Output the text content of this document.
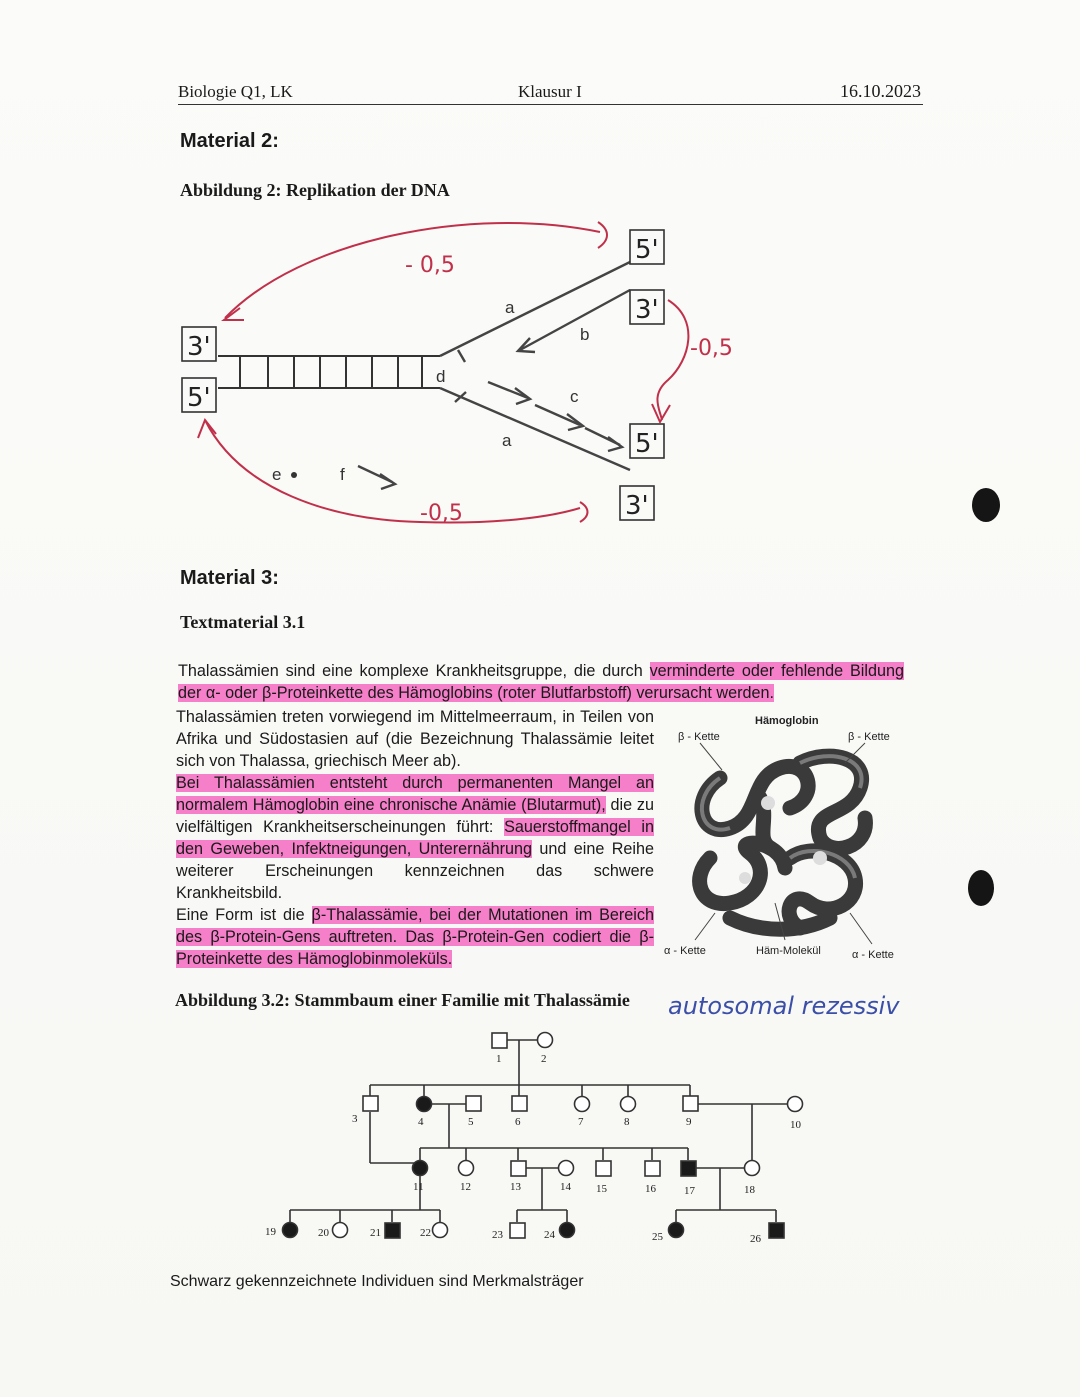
Biologie Q1, LK	Klausur I	16.10.2023
Material 2:
Abbildung 2: Replikation der DNA
5'
3'
3'
5'
5'
3'
a
b
c
d
a
e	f
- 0,5
-0,5
-0,5
Material 3:
Textmaterial 3.1
Thalassämien sind eine komplexe Krankheitsgruppe, die durch verminderte oder fehlende Bildung der α- oder β-Proteinkette des Hämoglobins (roter Blutfarbstoff) verursacht werden.
Thalassämien treten vorwiegend im Mittelmeerraum, in Teilen von Afrika und Südostasien auf (die Bezeichnung Thalassämie leitet sich von Thalassa, griechisch Meer ab).
Bei Thalassämien entsteht durch permanenten Mangel an normalem Hämoglobin eine chronische Anämie (Blutarmut), die zu vielfältigen Krankheitserscheinungen führt: Sauerstoffmangel in den Geweben, Infektneigungen, Unterernährung und eine Reihe weiterer Erscheinungen kennzeichnen das schwere Krankheitsbild.
Eine Form ist die β-Thalassämie, bei der Mutationen im Bereich des β-Protein-Gens auftreten. Das β-Protein-Gen codiert die β-Proteinkette des Hämoglobinmoleküls.
Hämoglobin
β - Kette	β - Kette
α - Kette	Häm-Molekül	α - Kette
Abbildung 3.2: Stammbaum einer Familie mit Thalassämie autosomal rezessiv
1	2
3	4	5	6	7	8	9	10
11	12	13	14 15	16	17	18
19	20	21	22	23	24	25	26
Schwarz gekennzeichnete Individuen sind Merkmalsträger
